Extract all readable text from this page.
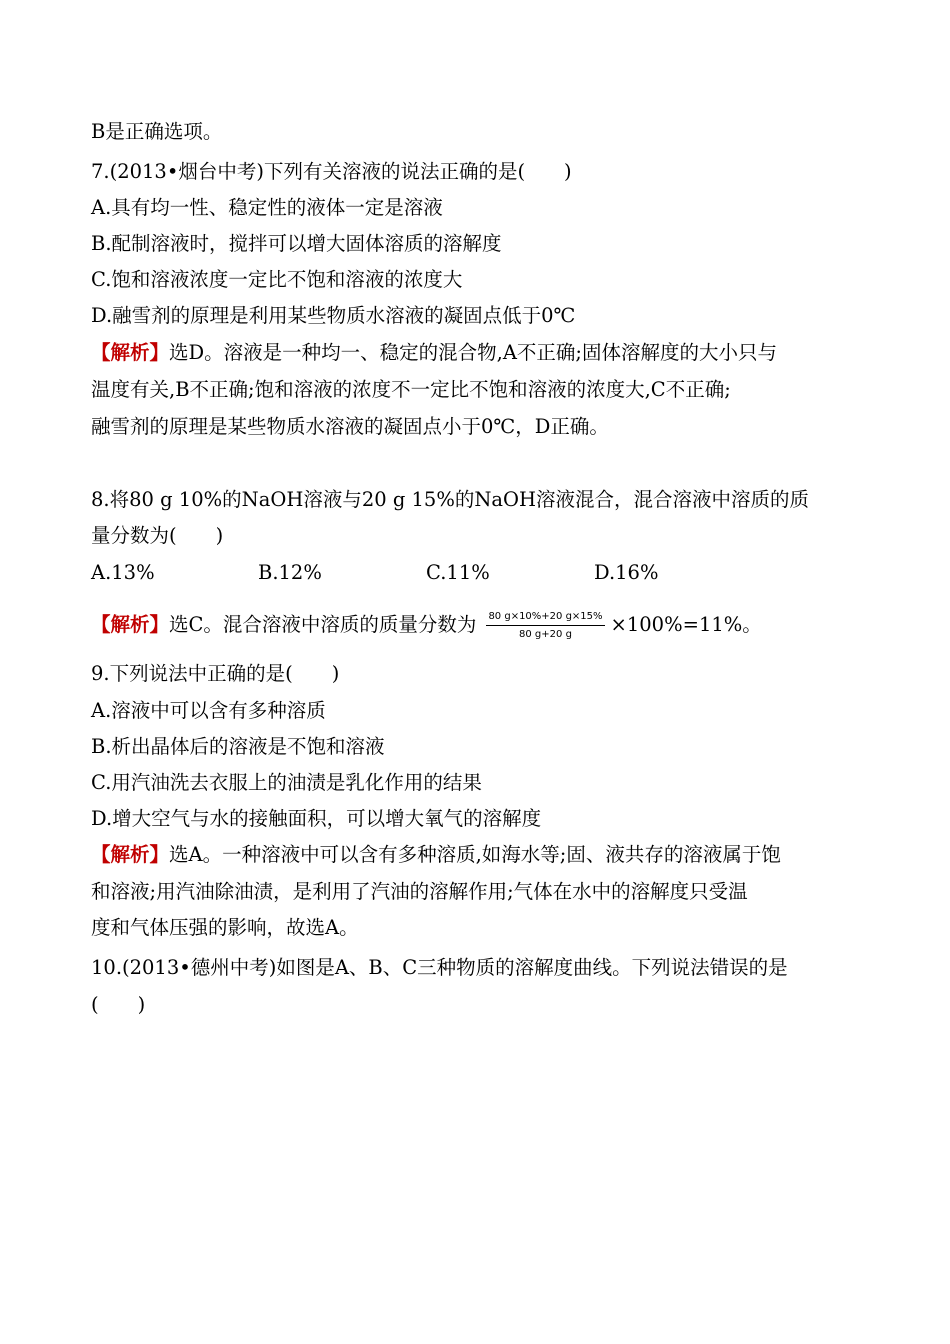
B是正确选项。
7.(2013•烟台中考)下列有关溶液的说法正确的是(　　)
A.具有均一性、稳定性的液体一定是溶液
B.配制溶液时，搅拌可以增大固体溶质的溶解度
C.饱和溶液浓度一定比不饱和溶液的浓度大
D.融雪剂的原理是利用某些物质水溶液的凝固点低于0℃
【解析】选D。溶液是一种均一、稳定的混合物,A不正确;固体溶解度的大小只与
温度有关,B不正确;饱和溶液的浓度不一定比不饱和溶液的浓度大,C不正确;
融雪剂的原理是某些物质水溶液的凝固点小于0℃，D正确。
8.将80 g 10%的NaOH溶液与20 g 15%的NaOH溶液混合，混合溶液中溶质的质
量分数为(　　)
A.13%	B.12%	C.11%	D.16%
【解析】选C。混合溶液中溶质的质量分数为 $\frac{80 g\times 10\%+20 g\times 15\%}{80 g+20 g} \times 100\%=11\%$。
9.下列说法中正确的是(　　)
A.溶液中可以含有多种溶质
B.析出晶体后的溶液是不饱和溶液
C.用汽油洗去衣服上的油渍是乳化作用的结果
D.增大空气与水的接触面积，可以增大氧气的溶解度
【解析】选A。一种溶液中可以含有多种溶质,如海水等;固、液共存的溶液属于饱
和溶液;用汽油除油渍，是利用了汽油的溶解作用;气体在水中的溶解度只受温
度和气体压强的影响，故选A。
10.(2013•德州中考)如图是A、B、C三种物质的溶解度曲线。下列说法错误的是
(　　)
